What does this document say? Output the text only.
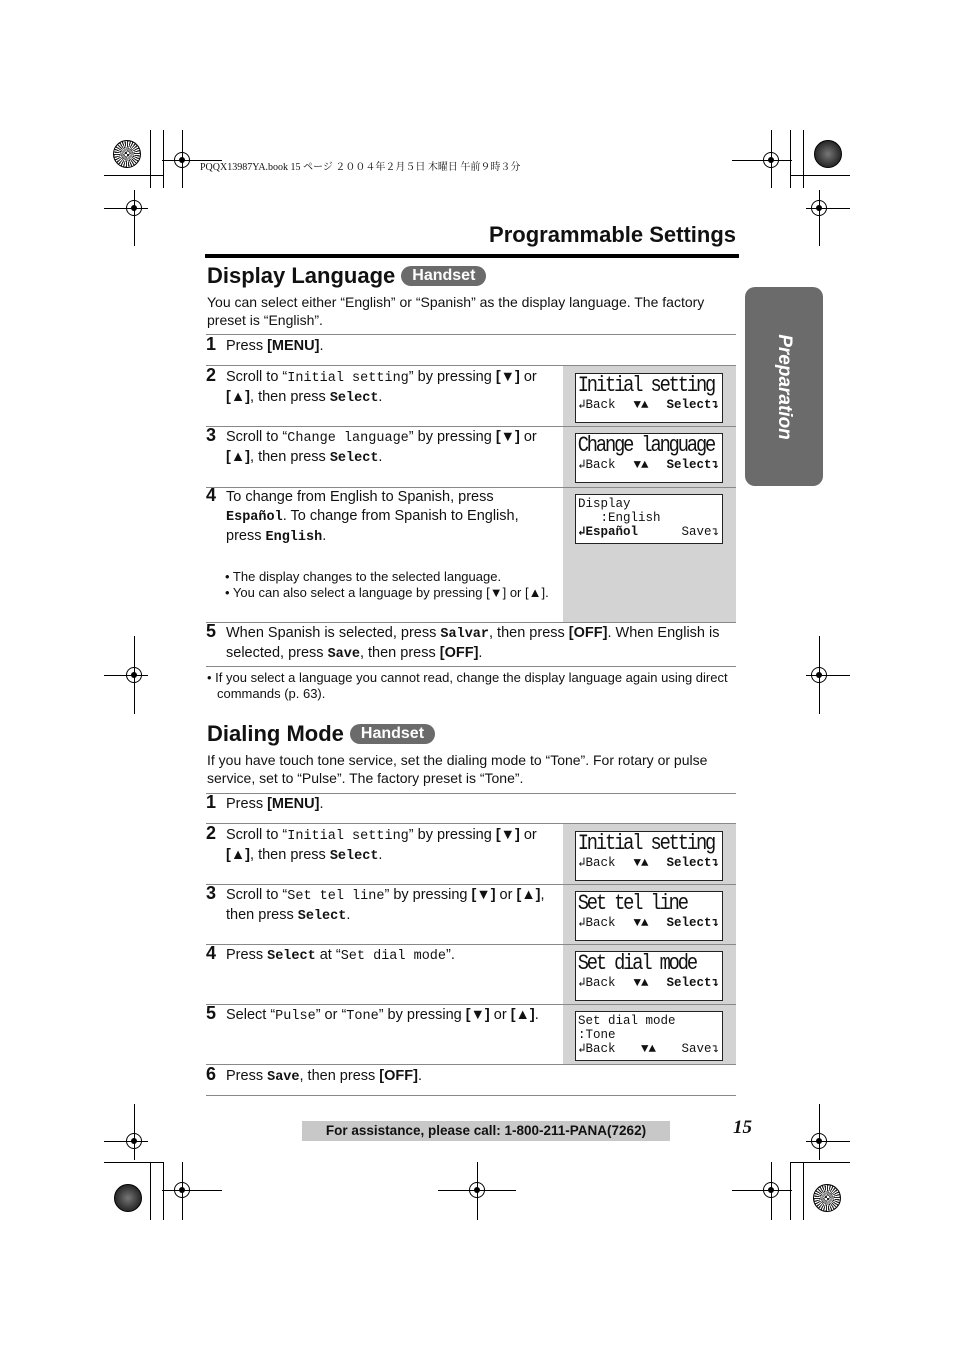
PQQX13987YA.book 15 ページ ２００４年２月５日 木曜日 午前９時３分
Programmable Settings
Preparation
Display Language Handset
You can select either “English” or “Spanish” as the display language. The factory preset is “English”.
1 Press [MENU].
2 Scroll to “Initial setting” by pressing [▼] or [▲], then press Select.	Initial setting
↲Back ▼▲ Select↴
3 Scroll to “Change language” by pressing [▼] or [▲], then press Select.	Change language
↲Back ▼▲ Select↴
4 To change from English to Spanish, press Español. To change from Spanish to English, press English.
Display
:English
↲Español	Save↴
• The display changes to the selected language.
• You can also select a language by pressing [▼] or [▲].
5 When Spanish is selected, press Salvar, then press [OFF]. When English is selected, press Save, then press [OFF].
• If you select a language you cannot read, change the display language again using direct commands (p. 63).
Dialing Mode Handset
If you have touch tone service, set the dialing mode to “Tone”. For rotary or pulse service, set to “Pulse”. The factory preset is “Tone”.
1 Press [MENU].
2 Scroll to “Initial setting” by pressing [▼] or [▲], then press Select.	Initial setting
↲Back ▼▲ Select↴
3 Scroll to “Set tel line” by pressing [▼] or [▲], then press Select.	Set tel line
↲Back ▼▲ Select↴
4 Press Select at “Set dial mode”.	Set dial mode
↲Back ▼▲ Select↴
5 Select “Pulse” or “Tone” by pressing [▼] or [▲].	Set dial mode
:Tone
↲Back ▼▲ Save↴
6 Press Save, then press [OFF].
For assistance, please call: 1-800-211-PANA(7262)	15
